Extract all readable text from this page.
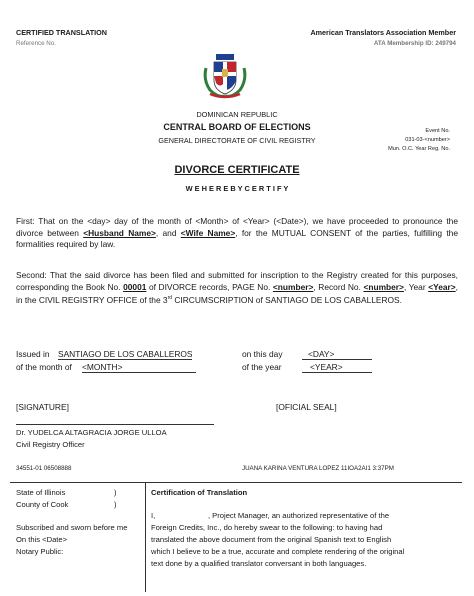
CERTIFIED TRANSLATION
Reference No.
American Translators Association Member
ATA Membership ID: 249794
DOMINICAN REPUBLIC
CENTRAL BOARD OF ELECTIONS
GENERAL DIRECTORATE OF CIVIL REGISTRY
Event No.
031-03-<number>
Mun. O.C. Year Reg. No.
DIVORCE CERTIFICATE
W E H E R E B Y C E R T I F Y
First: That on the <day> day of the month of <Month> of <Year> (<Date>), we have proceeded to pronounce the divorce between <Husband Name>, and <Wife Name>, for the MUTUAL CONSENT of the parties, fulfilling the formalities required by law.
Second: That the said divorce has been filed and submitted for inscription to the Registry created for this purposes, corresponding the Book No. 00001 of DIVORCE records, PAGE No. <number>, Record No. <number>, Year <Year>, in the CIVIL REGISTRY OFFICE of the 3rd CIRCUMSCRIPTION of SANTIAGO DE LOS CABALLEROS.
Issued in SANTIAGO DE LOS CABALLEROS
of the month of <MONTH>
on this day	<DAY>
of the year	<YEAR>
[SIGNATURE]	[OFICIAL SEAL]
Dr. YUDELCA ALTAGRACIA JORGE ULLOA
Civil Registry Officer
34551-01 06508888	JUANA KARINA VENTURA LOPEZ 11IOA2AI1 3:37PM
State of Illinois	)
County of Cook	)
Subscribed and sworn before me
On this <Date>
Notary Public:
Certification of Translation
I,                         , Project Manager, an authorized representative of the
Foreign Credits, Inc., do hereby swear to the following: to having had
translated the above document from the original Spanish text to English
which I believe to be a true, accurate and complete rendering of the original
text done by a qualified translator conversant in both languages.
